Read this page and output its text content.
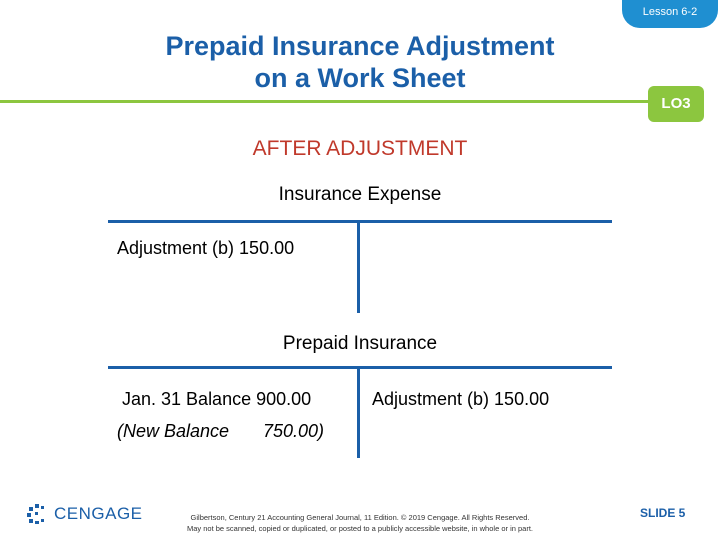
Lesson 6-2
Prepaid Insurance Adjustment
on a Work Sheet
LO3
AFTER ADJUSTMENT
Insurance Expense
Adjustment (b) 150.00
Prepaid Insurance
Jan. 31 Balance 900.00
(New Balance 750.00)
Adjustment (b) 150.00
CENGAGE	Gilbertson, Century 21 Accounting General Journal, 11 Edition. © 2019 Cengage. All Rights Reserved.
May not be scanned, copied or duplicated, or posted to a publicly accessible website, in whole or in part.
SLIDE 5
